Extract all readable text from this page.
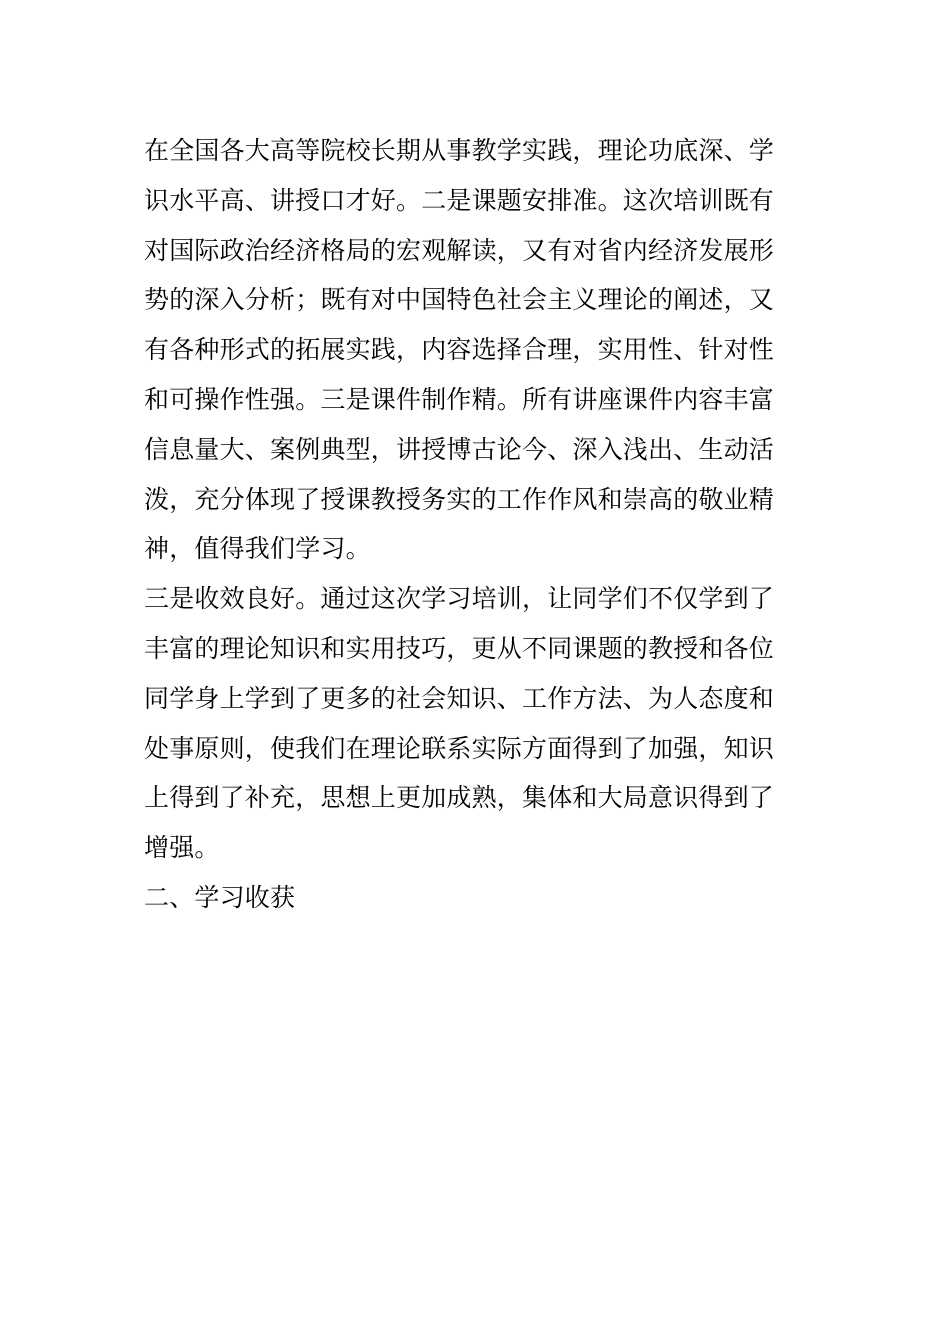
在全国各大高等院校长期从事教学实践，理论功底深、学
识水平高、讲授口才好。二是课题安排准。这次培训既有
对国际政治经济格局的宏观解读，又有对省内经济发展形
势的深入分析；既有对中国特色社会主义理论的阐述，又
有各种形式的拓展实践，内容选择合理，实用性、针对性
和可操作性强。三是课件制作精。所有讲座课件内容丰富
信息量大、案例典型，讲授博古论今、深入浅出、生动活
泼，充分体现了授课教授务实的工作作风和崇高的敬业精
神，值得我们学习。
三是收效良好。通过这次学习培训，让同学们不仅学到了
丰富的理论知识和实用技巧，更从不同课题的教授和各位
同学身上学到了更多的社会知识、工作方法、为人态度和
处事原则，使我们在理论联系实际方面得到了加强，知识
上得到了补充，思想上更加成熟，集体和大局意识得到了
增强。
二、学习收获
